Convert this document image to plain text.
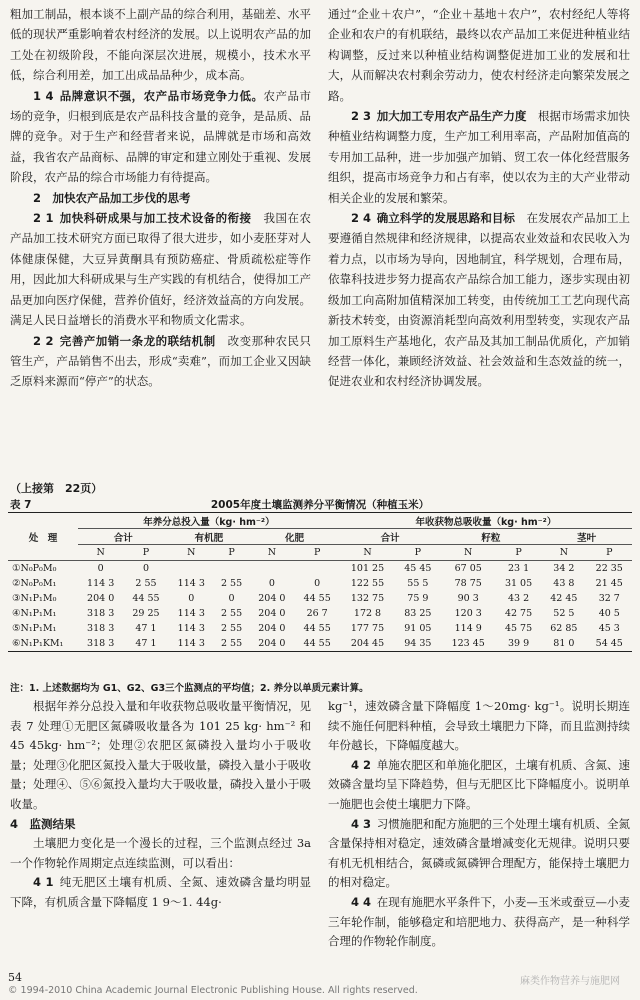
粗加工制品，根本谈不上副产品的综合利用，基础差、水平低的现状严重影响着农村经济的发展。以上说明农产品的加工处在初级阶段，不能向深层次进展，规模小，技术水平低，综合利用差，加工出成品品种少，成本高。

1 4 品牌意识不强，农产品市场竞争力低。农产品市场的竞争，归根到底是农产品科技含量的竞争，是品质、品牌的竞争。对于生产和经营者来说，品牌就是市场和高效益，我省农产品商标、品牌的审定和建立刚处于重视、发展阶段，农产品的综合市场能力有待提高。

2　加快农产品加工步伐的思考

2 1 加快科研成果与加工技术设备的衔接　 我国在农产品加工技术研究方面已取得了很大进步，如小麦胚芽对人体健康保健，大豆异黄酮具有预防癌症、骨质疏松症等作用，因此加大科研成果与生产实践的有机结合，使得加工产品更加向医疗保健，营养价值好，经济效益高的方向发展。满足人民日益增长的消费水平和物质文化需求。

2 2 完善产加销一条龙的联结机制　 改变那种农民只管生产，产品销售不出去，形成“卖难”，而加工企业又因缺乏原料来源而“停产”的状态。

通过“企业＋农户”，“企业＋基地＋农户”，农村经纪人等将企业和农户的有机联结，最终以农产品加工来促进种植业结构调整，反过来以种植业结构调整促进加工业的发展和壮大，从而解决农村剩余劳动力，使农村经济走向繁荣发展之路。

2 3 加大加工专用农产品生产力度　 根据市场需求加快种植业结构调整力度，生产加工利用率高，产品附加值高的专用加工品种，进一步加强产加销、贸工农一体化经营服务组织，提高市场竞争力和占有率，使以农为主的大产业带动相关企业的发展和繁荣。

2 4 确立科学的发展思路和目标　 在发展农产品加工上要遵循自然规律和经济规律，以提高农业效益和农民收入为着力点，以市场为导向，因地制宜，科学规划，合理布局，依靠科技进步努力提高农产品综合加工能力，逐步实现由初级加工向高附加值精深加工转变，由传统加工工艺向现代高新技术转变，由资源消耗型向高效利用型转变，实现农产品加工原料生产基地化，农产品及其加工制品优质化，产加销经营一体化，兼顾经济效益、社会效益和生态效益的统一，促进农业和农村经济协调发展。

（上接第　22页）
表 7	2005年度土壤监测养分平衡情况（种植玉米）
处　理	年养分总投入量（kg· hm⁻²）						年收获物总吸收量（kg· hm⁻²）					
	合计		有机肥		化肥		合计		籽粒		茎叶	
	N	P	N	P	N	P	N	P	N	P	N	P
①N₀P₀M₀	0	0					101 25	45 45	67 05	23 1	34 2	22 35
②N₀P₀M₁	114 3	2 55	114 3	2 55	0	0	122 55	55 5	78 75	31 05	43 8	21 45
③N₁P₁M₀	204 0	44 55	0	0	204 0	44 55	132 75	75 9	90 3	43 2	42 45	32 7
④N₁P₁M₁	318 3	29 25	114 3	2 55	204 0	26 7	172 8	83 25	120 3	42 75	52 5	40 5
⑤N₁P₁M₁	318 3	47 1	114 3	2 55	204 0	44 55	177 75	91 05	114 9	45 75	62 85	45 3
⑥N₁P₁KM₁	318 3	47 1	114 3	2 55	204 0	44 55	204 45	94 35	123 45	39 9	81 0	54 45
注：1. 上述数据均为 G1、G2、G3三个监测点的平均值；2. 养分以单质元素计算。

根据年养分总投入量和年收获物总吸收量平衡情况，见表 7 处理①无肥区氮磷吸收量各为 101 25 kg· hm⁻² 和 45 45kg· hm⁻²；处理②农肥区氮磷投入量均小于吸收量；处理③化肥区氮投入量大于吸收量，磷投入量小于吸收量；处理④、⑤⑥氮投入量均大于吸收量，磷投入量小于吸收量。

4　监测结果

土壤肥力变化是一个漫长的过程，三个监测点经过 3a一个作物轮作周期定点连续监测，可以看出：

4 1 纯无肥区土壤有机质、全氮、速效磷含量均明显下降，有机质含量下降幅度 1 9～1. 44g·

kg⁻¹，速效磷含量下降幅度 1～20mg· kg⁻¹。说明长期连续不施任何肥料种植，会导致土壤肥力下降，而且监测持续年份越长，下降幅度越大。

4 2 单施农肥区和单施化肥区，土壤有机质、含氮、速效磷含量均呈下降趋势，但与无肥区比下降幅度小。说明单一施肥也会使土壤肥力下降。

4 3 习惯施肥和配方施肥的三个处理土壤有机质、全氮含量保持相对稳定，速效磷含量增减变化无规律。说明只要有机无机相结合，氮磷或氮磷钾合理配方，能保持土壤肥力的相对稳定。

4 4 在现有施肥水平条件下，小麦—玉米或蚕豆—小麦三年轮作制，能够稳定和培肥地力、获得高产，是一种科学合理的作物轮作制度。

54
© 1994-2010 China Academic Journal Electronic Publishing House. All rights reserved.
麻类作物营养与施肥网
